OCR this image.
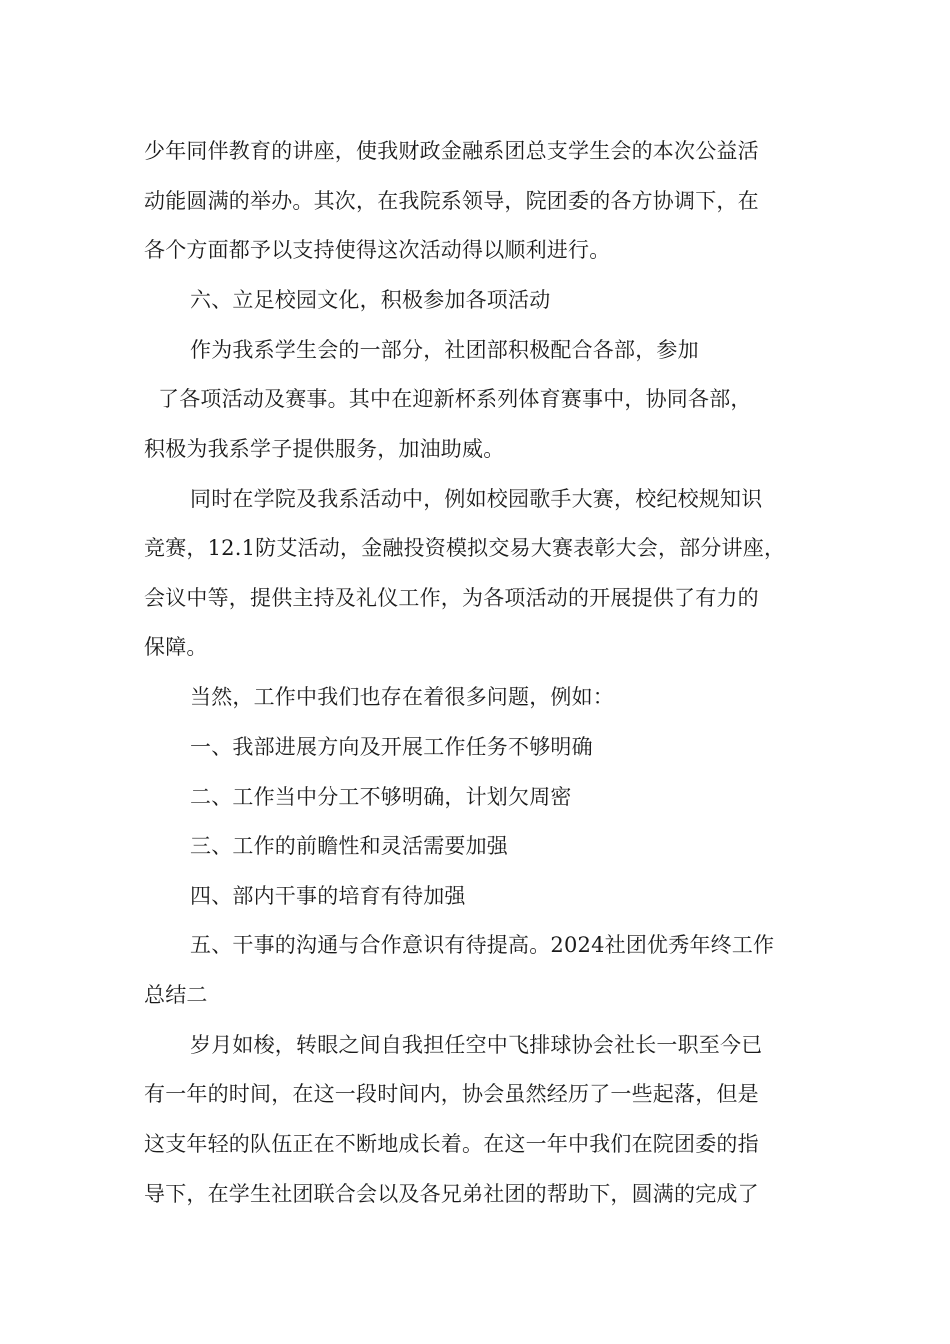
少年同伴教育的讲座，使我财政金融系团总支学生会的本次公益活
动能圆满的举办。其次，在我院系领导，院团委的各方协调下，在
各个方面都予以支持使得这次活动得以顺利进行。
六、立足校园文化，积极参加各项活动
作为我系学生会的一部分，社团部积极配合各部，参加
了各项活动及赛事。其中在迎新杯系列体育赛事中，协同各部，
积极为我系学子提供服务，加油助威。
同时在学院及我系活动中，例如校园歌手大赛，校纪校规知识
竞赛，12.1防艾活动，金融投资模拟交易大赛表彰大会，部分讲座，
会议中等，提供主持及礼仪工作，为各项活动的开展提供了有力的
保障。
当然，工作中我们也存在着很多问题，例如：
一、我部进展方向及开展工作任务不够明确
二、工作当中分工不够明确，计划欠周密
三、工作的前瞻性和灵活需要加强
四、部内干事的培育有待加强
五、干事的沟通与合作意识有待提高。2024社团优秀年终工作
总结二
岁月如梭，转眼之间自我担任空中飞排球协会社长一职至今已
有一年的时间，在这一段时间内，协会虽然经历了一些起落，但是
这支年轻的队伍正在不断地成长着。在这一年中我们在院团委的指
导下，在学生社团联合会以及各兄弟社团的帮助下，圆满的完成了
